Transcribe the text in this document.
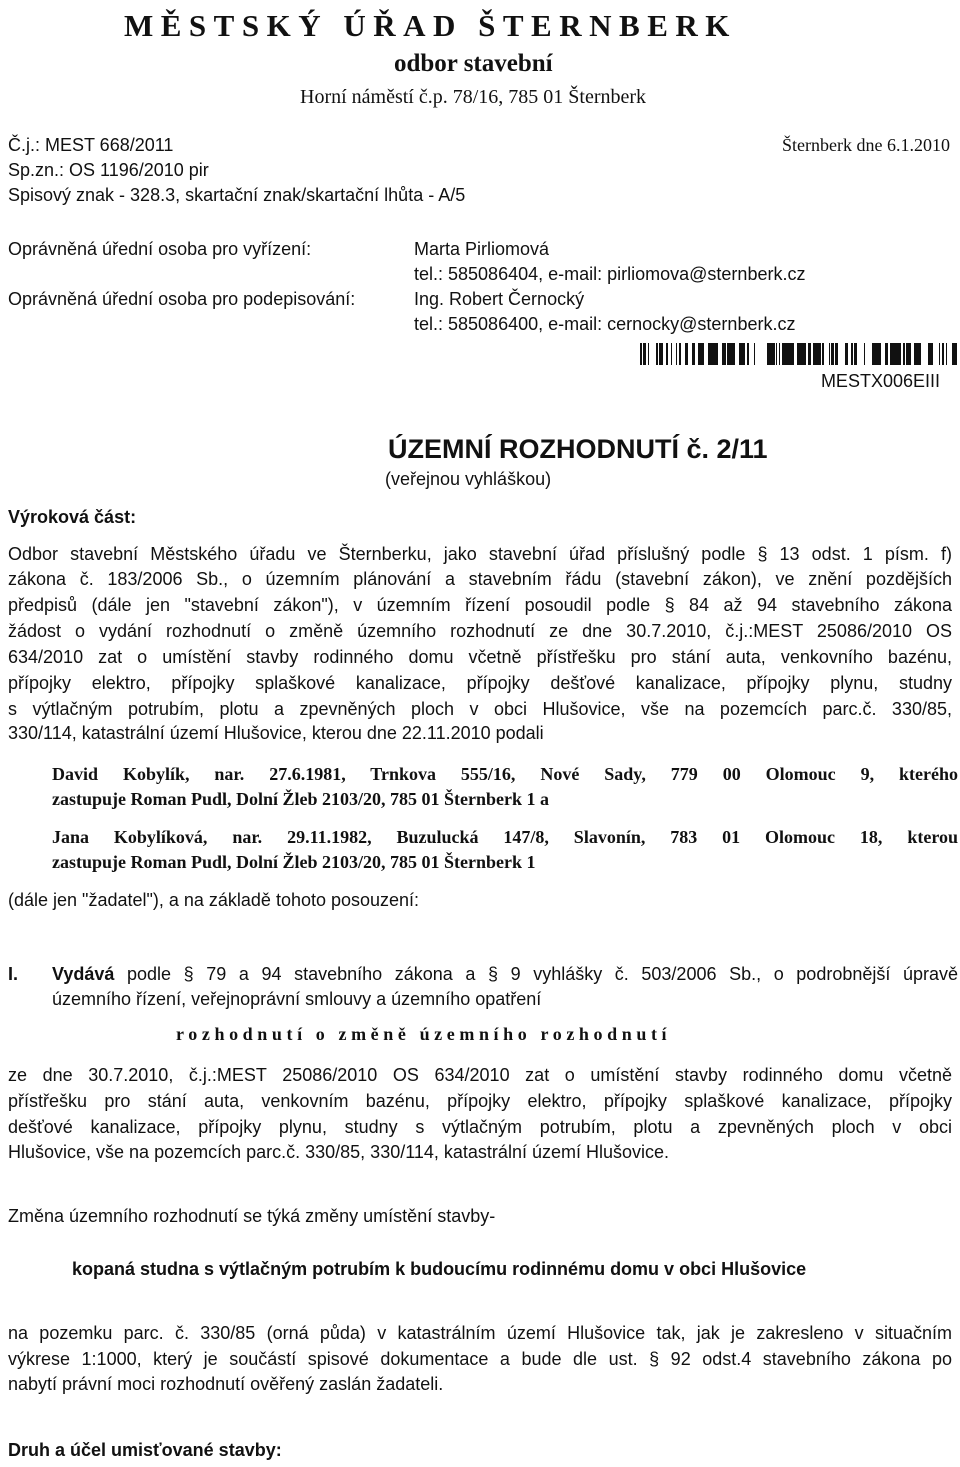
MĚSTSKÝ ÚŘAD ŠTERNBERK
odbor stavební
Horní náměstí č.p. 78/16, 785 01 Šternberk
Č.j.: MEST 668/2011	Šternberk dne 6.1.2010
Sp.zn.: OS 1196/2010 pir
Spisový znak - 328.3, skartační znak/skartační lhůta - A/5
Oprávněná úřední osoba pro vyřízení:	Marta Pirliomová
tel.: 585086404, e-mail: pirliomova@sternberk.cz
Oprávněná úřední osoba pro podepisování:	Ing. Robert Černocký
tel.: 585086400, e-mail: cernocky@sternberk.cz
MESTX006EIII
ÚZEMNÍ ROZHODNUTÍ č. 2/11
(veřejnou vyhláškou)
Výroková část:
Odbor stavební Městského úřadu ve Šternberku, jako stavební úřad příslušný podle § 13 odst. 1 písm. f)
zákona č. 183/2006 Sb., o územním plánování a stavebním řádu (stavební zákon), ve znění pozdějších
předpisů (dále jen "stavební zákon"), v územním řízení posoudil podle § 84 až 94 stavebního zákona
žádost o vydání rozhodnutí o změně územního rozhodnutí ze dne 30.7.2010, č.j.:MEST 25086/2010 OS
634/2010 zat o umístění stavby rodinného domu včetně přístřešku pro stání auta, venkovního bazénu,
přípojky elektro, přípojky splaškové kanalizace, přípojky dešťové kanalizace, přípojky plynu, studny
s výtlačným potrubím, plotu a zpevněných ploch v obci Hlušovice, vše na pozemcích parc.č. 330/85,
330/114, katastrální území Hlušovice, kterou dne 22.11.2010 podali
David Kobylík, nar. 27.6.1981, Trnkova 555/16, Nové Sady, 779 00 Olomouc 9, kterého
zastupuje Roman Pudl, Dolní Žleb 2103/20, 785 01 Šternberk 1 a
Jana Kobylíková, nar. 29.11.1982, Buzulucká 147/8, Slavonín, 783 01 Olomouc 18, kterou
zastupuje Roman Pudl, Dolní Žleb 2103/20, 785 01 Šternberk 1
(dále jen "žadatel"), a na základě tohoto posouzení:
I. Vydává podle § 79 a 94 stavebního zákona a § 9 vyhlášky č. 503/2006 Sb., o podrobnější úpravě
územního řízení, veřejnoprávní smlouvy a územního opatření
rozhodnutí o změně územního rozhodnutí
ze dne 30.7.2010, č.j.:MEST 25086/2010 OS 634/2010 zat o umístění stavby rodinného domu včetně
přístřešku pro stání auta, venkovním bazénu, přípojky elektro, přípojky splaškové kanalizace, přípojky
dešťové kanalizace, přípojky plynu, studny s výtlačným potrubím, plotu a zpevněných ploch v obci
Hlušovice, vše na pozemcích parc.č. 330/85, 330/114, katastrální území Hlušovice.
Změna územního rozhodnutí se týká změny umístění stavby-
kopaná studna s výtlačným potrubím k budoucímu rodinnému domu v obci Hlušovice
na pozemku parc. č. 330/85 (orná půda) v katastrálním území Hlušovice tak, jak je zakresleno v situačním
výkrese 1:1000, který je součástí spisové dokumentace a bude dle ust. § 92 odst.4 stavebního zákona po
nabytí právní moci rozhodnutí ověřený zaslán žadateli.
Druh a účel umisťované stavby:
